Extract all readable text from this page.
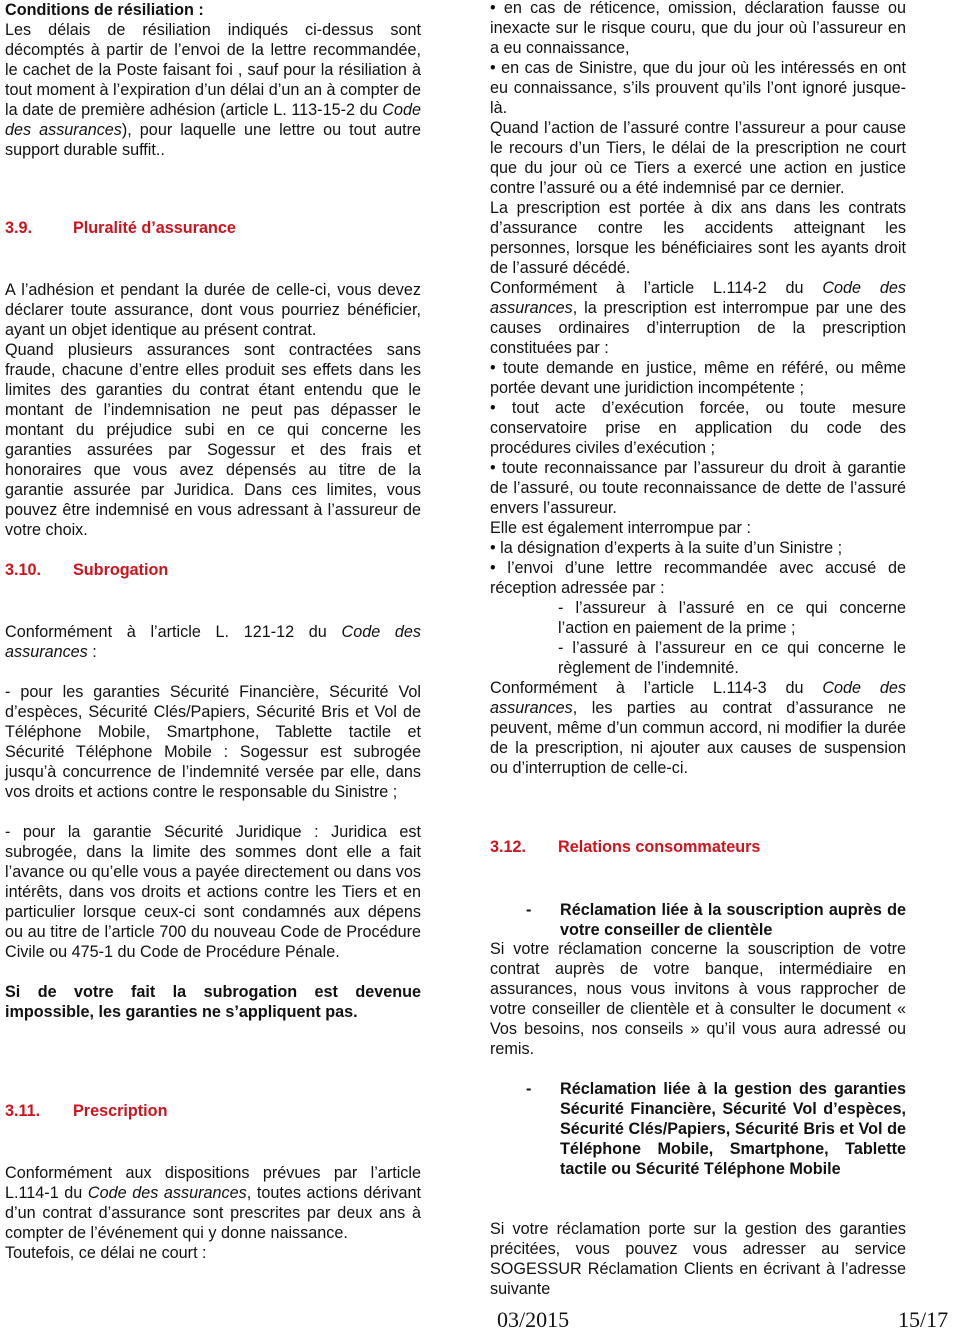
Conditions de résiliation :

Les délais de résiliation indiqués ci-dessus sont décomptés à partir de l’envoi de la lettre recommandée, le cachet de la Poste faisant foi , sauf pour la résiliation à tout moment à l’expiration d’un délai d’un an à compter de la date de première adhésion (article L. 113-15-2 du Code des assurances), pour laquelle une lettre ou tout autre support durable suffit..

3.9.	Pluralité d’assurance

A l’adhésion et pendant la durée de celle-ci, vous devez déclarer toute assurance, dont vous pourriez bénéficier, ayant un objet identique au présent contrat.

Quand plusieurs assurances sont contractées sans fraude, chacune d’entre elles produit ses effets dans les limites des garanties du contrat étant entendu que le montant de l’indemnisation ne peut pas dépasser le montant du préjudice subi en ce qui concerne les garanties assurées par Sogessur et des frais et honoraires que vous avez dépensés au titre de la garantie assurée par Juridica. Dans ces limites, vous pouvez être indemnisé en vous adressant à l’assureur de votre choix.

3.10. Subrogation

Conformément à l’article L. 121-12 du Code des assurances :

- pour les garanties Sécurité Financière, Sécurité Vol d’espèces, Sécurité Clés/Papiers, Sécurité Bris et Vol de Téléphone Mobile, Smartphone, Tablette tactile et Sécurité Téléphone Mobile : Sogessur est subrogée jusqu’à concurrence de l’indemnité versée par elle, dans vos droits et actions contre le responsable du Sinistre ;

- pour la garantie Sécurité Juridique : Juridica est subrogée, dans la limite des sommes dont elle a fait l’avance ou qu’elle vous a payée directement ou dans vos intérêts, dans vos droits et actions contre les Tiers et en particulier lorsque ceux-ci sont condamnés aux dépens ou au titre de l’article 700 du nouveau Code de Procédure Civile ou 475-1 du Code de Procédure Pénale.

Si de votre fait la subrogation est devenue impossible, les garanties ne s’appliquent pas.

3.11. Prescription

Conformément aux dispositions prévues par l’article L.114-1 du Code des assurances, toutes actions dérivant d’un contrat d’assurance sont prescrites par deux ans à compter de l’événement qui y donne naissance.

Toutefois, ce délai ne court :

• en cas de réticence, omission, déclaration fausse ou inexacte sur le risque couru, que du jour où l’assureur en a eu connaissance,

• en cas de Sinistre, que du jour où les intéressés en ont eu connaissance, s’ils prouvent qu’ils l’ont ignoré jusque-là.

Quand l’action de l’assuré contre l’assureur a pour cause le recours d’un Tiers, le délai de la prescription ne court que du jour où ce Tiers a exercé une action en justice contre l’assuré ou a été indemnisé par ce dernier.

La prescription est portée à dix ans dans les contrats d’assurance contre les accidents atteignant les personnes, lorsque les bénéficiaires sont les ayants droit de l’assuré décédé.

Conformément à l’article L.114-2 du Code des assurances, la prescription est interrompue par une des causes ordinaires d’interruption de la prescription constituées par :

• toute demande en justice, même en référé, ou même portée devant une juridiction incompétente ;

• tout acte d’exécution forcée, ou toute mesure conservatoire prise en application du code des procédures civiles d’exécution ;

• toute reconnaissance par l’assureur du droit à garantie de l’assuré, ou toute reconnaissance de dette de l’assuré envers l’assureur.

Elle est également interrompue par :

• la désignation d’experts à la suite d’un Sinistre ;

• l’envoi d’une lettre recommandée avec accusé de réception adressée par :

- l’assureur à l’assuré en ce qui concerne l’action en paiement de la prime ;

- l’assuré à l’assureur en ce qui concerne le règlement de l’indemnité.

Conformément à l’article L.114-3 du Code des assurances, les parties au contrat d’assurance ne peuvent, même d’un commun accord, ni modifier la durée de la prescription, ni ajouter aux causes de suspension ou d’interruption de celle-ci.

3.12. Relations consommateurs
- Réclamation liée à la souscription auprès de votre conseiller de clientèle

Si votre réclamation concerne la souscription de votre contrat auprès de votre banque, intermédiaire en assurances, nous vous invitons à vous rapprocher de votre conseiller de clientèle et à consulter le document « Vos besoins, nos conseils » qu’il vous aura adressé ou remis.

- Réclamation liée à la gestion des garanties Sécurité Financière, Sécurité Vol d’espèces, Sécurité Clés/Papiers, Sécurité Bris et Vol de Téléphone Mobile, Smartphone, Tablette tactile ou Sécurité Téléphone Mobile

Si votre réclamation porte sur la gestion des garanties précitées, vous pouvez vous adresser au service SOGESSUR Réclamation Clients en écrivant à l’adresse suivante

03/2015	15/17
